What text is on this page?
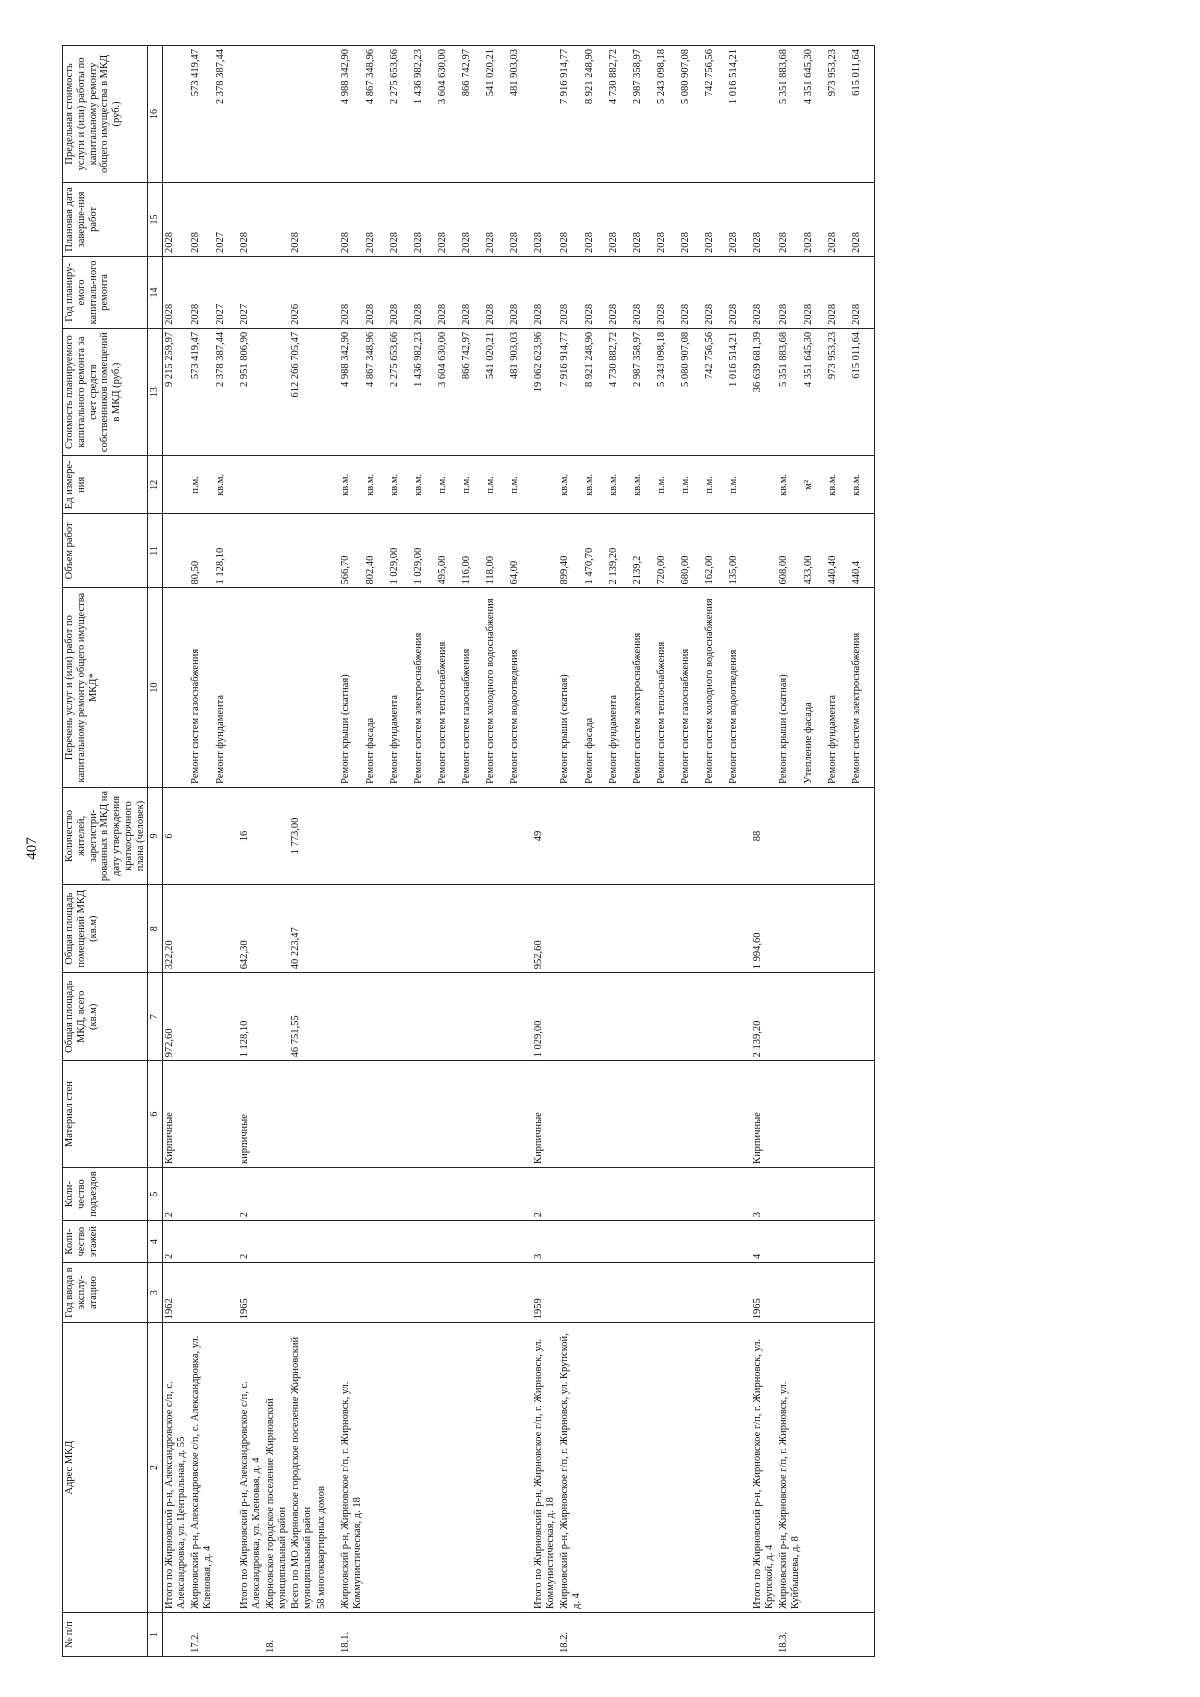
407
№ п/п	Адрес МКД	Год ввода в эксплу-атацию	Коли-чество этажей	Коли-чество подъездов	Материал стен	Общая площадь МКД, всего (кв.м)	Общая площадь помещений МКД (кв.м)	Количество жителей, зарегистри-рованных в МКД на дату утверждения краткосрочного плана (человек)	Перечень услуг и (или) работ по капитальному ремонту общего имущества МКД*	Объем работ	Ед измере-ния	Стоимость планируемого капитального ремонта за счет средств собственников помещений в МКД (руб.)	Год планиру-емого капиталь-ного ремонта	Плановая дата заверше-ния работ	Предельная стоимость услуги и (или) работы по капитальному ремонту общего имущества в МКД (руб.)
1	2	3	4	5	6	7	8	9	10	11	12	13	14	15	16
	Итого по Жирновский р-н, Александровское с/п, с. Александровка, ул. Центральная, д. 55	1962	2	2	Кирпичные	972,60	322,20	6				9 215 259,97	2028	2028	
17.2.	Жирновский р-н, Александровское с/п, с. Александровка, ул. Кленовая, д. 4								Ремонт систем газоснабжения	80,50	п.м.	573 419,47	2028	2028	573 419,47
									Ремонт фундамента	1 128,10	кв.м.	2 378 387,44	2027	2027	2 378 387,44
	Итого по Жирновский р-н, Александровское с/п, с. Александровка, ул. Кленовая, д. 4	1965	2	2	кирпичные	1 128,10	642,30	16				2 951 806,90	2027	2028	
18.	Жирновское городское поселение Жирновский муниципальный район														
	Всего по МО Жирновское городское поселение Жирновский муниципальный район					46 751,55	40 223,47	1 773,00				612 266 705,47	2026	2028	
	58 многоквартирных домов														
18.1.	Жирновский р-н, Жирновское г/п, г. Жирновск, ул. Коммунистическая, д. 18								Ремонт крыши (скатная)	566,70	кв.м.	4 988 342,90	2028	2028	4 988 342,90
									Ремонт фасада	802,40	кв.м.	4 867 348,96	2028	2028	4 867 348,96
									Ремонт фундамента	1 029,00	кв.м.	2 275 653,66	2028	2028	2 275 653,66
									Ремонт систем электроснабжения	1 029,00	кв.м.	1 436 982,23	2028	2028	1 436 982,23
									Ремонт систем теплоснабжения	495,00	п.м.	3 604 630,00	2028	2028	3 604 630,00
									Ремонт систем газоснабжения	116,00	п.м.	866 742,97	2028	2028	866 742,97
									Ремонт систем холодного водоснабжения	118,00	п.м.	541 020,21	2028	2028	541 020,21
									Ремонт систем водоотведения	64,00	п.м.	481 903,03	2028	2028	481 903,03
	Итого по Жирновский р-н, Жирновское г/п, г. Жирновск, ул. Коммунистическая, д. 18	1959	3	2	Кирпичные	1 029,00	952,60	49				19 062 623,96	2028	2028	
18.2.	Жирновский р-н, Жирновское г/п, г. Жирновск, ул. Крупской, д. 4								Ремонт крыши (скатная)	899,40	кв.м.	7 916 914,77	2028	2028	7 916 914,77
									Ремонт фасада	1 470,70	кв.м.	8 921 248,90	2028	2028	8 921 248,90
									Ремонт фундамента	2 139,20	кв.м.	4 730 882,72	2028	2028	4 730 882,72
									Ремонт систем электроснабжения	2139,2	кв.м.	2 987 358,97	2028	2028	2 987 358,97
									Ремонт систем теплоснабжения	720,00	п.м.	5 243 098,18	2028	2028	5 243 098,18
									Ремонт систем газоснабжения	680,00	п.м.	5 080 907,08	2028	2028	5 080 907,08
									Ремонт систем холодного водоснабжения	162,00	п.м.	742 756,56	2028	2028	742 756,56
									Ремонт систем водоотведения	135,00	п.м.	1 016 514,21	2028	2028	1 016 514,21
	Итого по Жирновский р-н, Жирновское г/п, г. Жирновск, ул. Крупской, д. 4	1965	4	3	Кирпичные	2 139,20	1 994,60	88				36 639 681,39	2028	2028	
18.3.	Жирновский р-н, Жирновское г/п, г. Жирновск, ул. Куйбышева, д. 8								Ремонт крыши (скатная)	608,00	кв.м.	5 351 883,68	2028	2028	5 351 883,68
									Утепление фасада	433,00	м²	4 351 645,30	2028	2028	4 351 645,30
									Ремонт фундамента	440,40	кв.м.	973 953,23	2028	2028	973 953,23
									Ремонт систем электроснабжения	440,4	кв.м.	615 011,64	2028	2028	615 011,64
